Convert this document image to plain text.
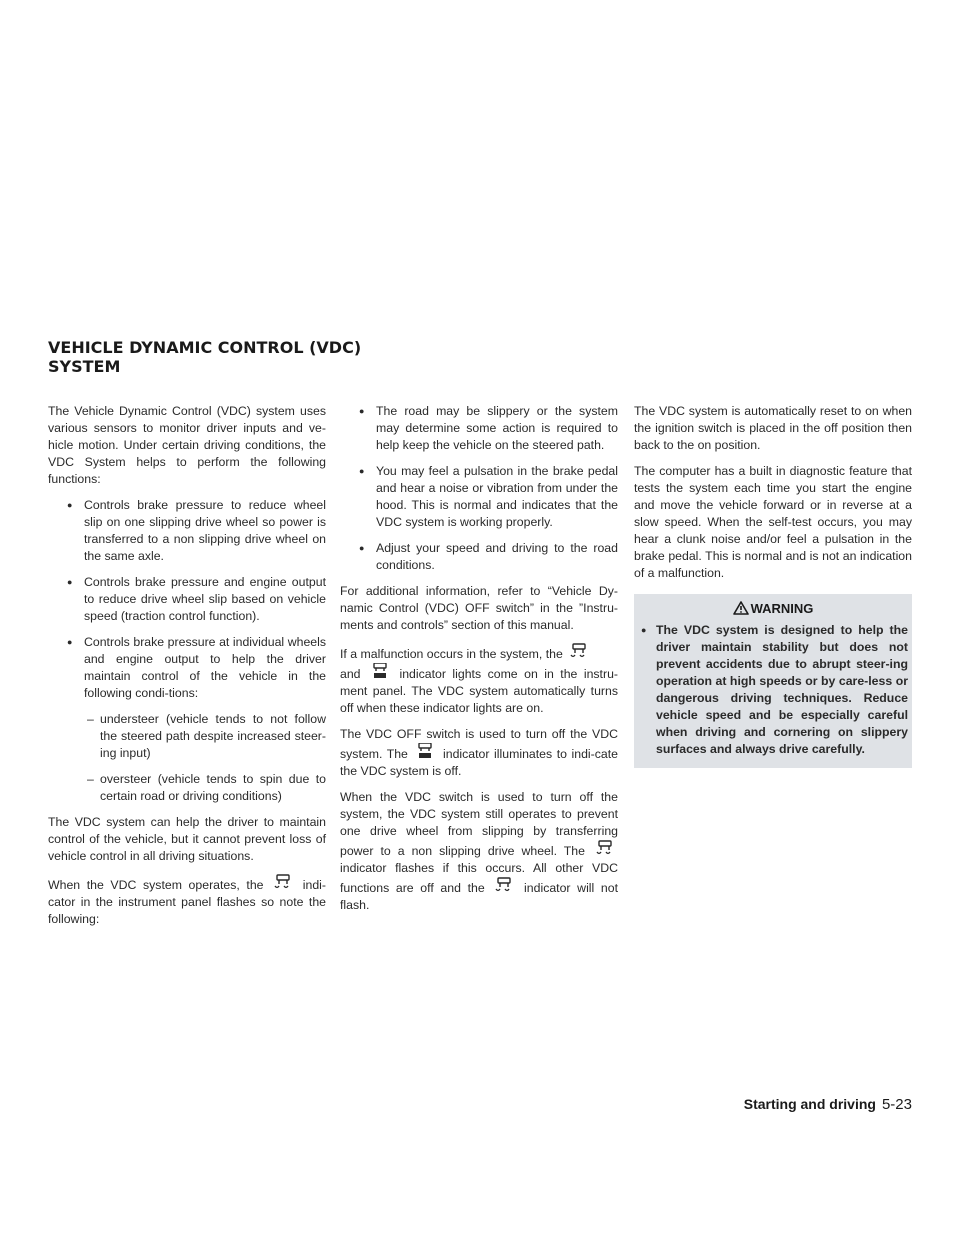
VEHICLE DYNAMIC CONTROL (VDC)
SYSTEM

The Vehicle Dynamic Control (VDC) system uses various sensors to monitor driver inputs and ve-hicle motion. Under certain driving conditions, the VDC System helps to perform the following functions:

● Controls brake pressure to reduce wheel slip on one slipping drive wheel so power is transferred to a non slipping drive wheel on the same axle.
● Controls brake pressure and engine output to reduce drive wheel slip based on vehicle speed (traction control function).
● Controls brake pressure at individual wheels and engine output to help the driver maintain control of the vehicle in the following condi-tions:
– understeer (vehicle tends to not follow the steered path despite increased steer-ing input)
– oversteer (vehicle tends to spin due to certain road or driving conditions)

The VDC system can help the driver to maintain control of the vehicle, but it cannot prevent loss of vehicle control in all driving situations.

When the VDC system operates, the	indi-cator in the instrument panel flashes so note the following:

● The road may be slippery or the system may determine some action is required to help keep the vehicle on the steered path.
● You may feel a pulsation in the brake pedal and hear a noise or vibration from under the hood. This is normal and indicates that the VDC system is working properly.
● Adjust your speed and driving to the road conditions.

For additional information, refer to “Vehicle Dy-namic Control (VDC) OFF switch” in the ”Instru-ments and controls” section of this manual.

If a malfunction occurs in the system, the

and	indicator lights come on in the instru-ment panel. The VDC system automatically turns off when these indicator lights are on.

The VDC OFF switch is used to turn off the VDC system. The	indicator illuminates to indi-cate the VDC system is off.

When the VDC switch is used to turn off the system, the VDC system still operates to prevent one drive wheel from slipping by transferring power to a non slipping drive wheel. The
indicator flashes if this occurs. All other VDC functions are off and the	indicator will not flash.

The VDC system is automatically reset to on when the ignition switch is placed in the off position then back to the on position.

The computer has a built in diagnostic feature that tests the system each time you start the engine and move the vehicle forward or in reverse at a slow speed. When the self-test occurs, you may hear a clunk noise and/or feel a pulsation in the brake pedal. This is normal and is not an indication of a malfunction.

WARNING
● The VDC system is designed to help the driver maintain stability but does not prevent accidents due to abrupt steer-ing operation at high speeds or by care-less or dangerous driving techniques. Reduce vehicle speed and be especially careful when driving and cornering on slippery surfaces and always drive carefully.
Starting and driving 5-23
